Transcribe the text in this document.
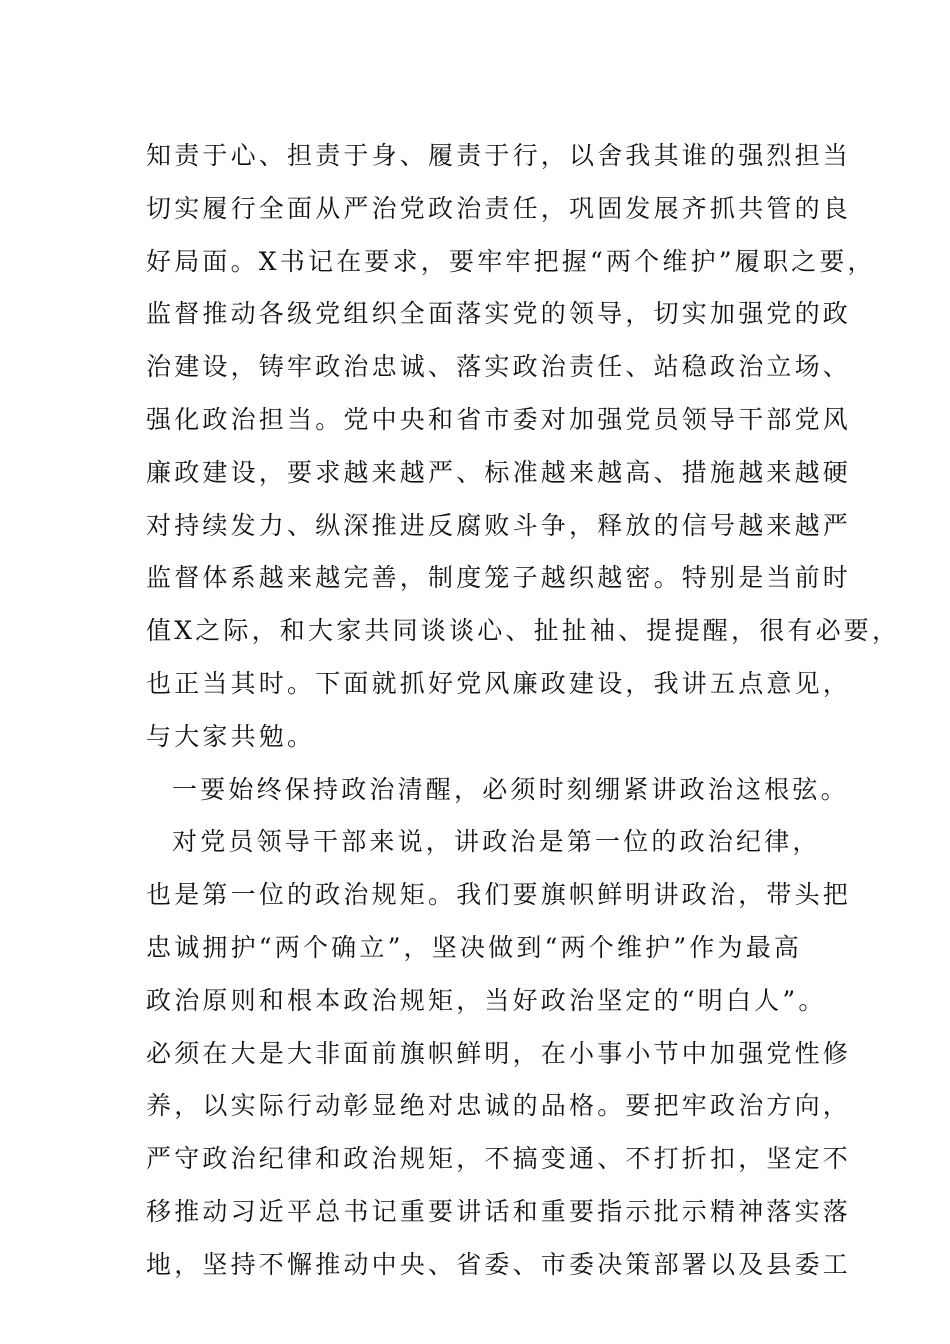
知责于心、担责于身、履责于行，以舍我其谁的强烈担当
切实履行全面从严治党政治责任，巩固发展齐抓共管的良
好局面。X书记在要求，要牢牢把握“两个维护”履职之要，
监督推动各级党组织全面落实党的领导，切实加强党的政
治建设，铸牢政治忠诚、落实政治责任、站稳政治立场、
强化政治担当。党中央和省市委对加强党员领导干部党风
廉政建设，要求越来越严、标准越来越高、措施越来越硬
对持续发力、纵深推进反腐败斗争，释放的信号越来越严
监督体系越来越完善，制度笼子越织越密。特别是当前时
值X之际，和大家共同谈谈心、扯扯袖、提提醒，很有必要，
也正当其时。下面就抓好党风廉政建设，我讲五点意见，
与大家共勉。
一要始终保持政治清醒，必须时刻绷紧讲政治这根弦。
对党员领导干部来说，讲政治是第一位的政治纪律，
也是第一位的政治规矩。我们要旗帜鲜明讲政治，带头把
忠诚拥护“两个确立”，坚决做到“两个维护”作为最高
政治原则和根本政治规矩，当好政治坚定的“明白人”。
必须在大是大非面前旗帜鲜明，在小事小节中加强党性修
养，以实际行动彰显绝对忠诚的品格。要把牢政治方向，
严守政治纪律和政治规矩，不搞变通、不打折扣，坚定不
移推动习近平总书记重要讲话和重要指示批示精神落实落
地，坚持不懈推动中央、省委、市委决策部署以及县委工
